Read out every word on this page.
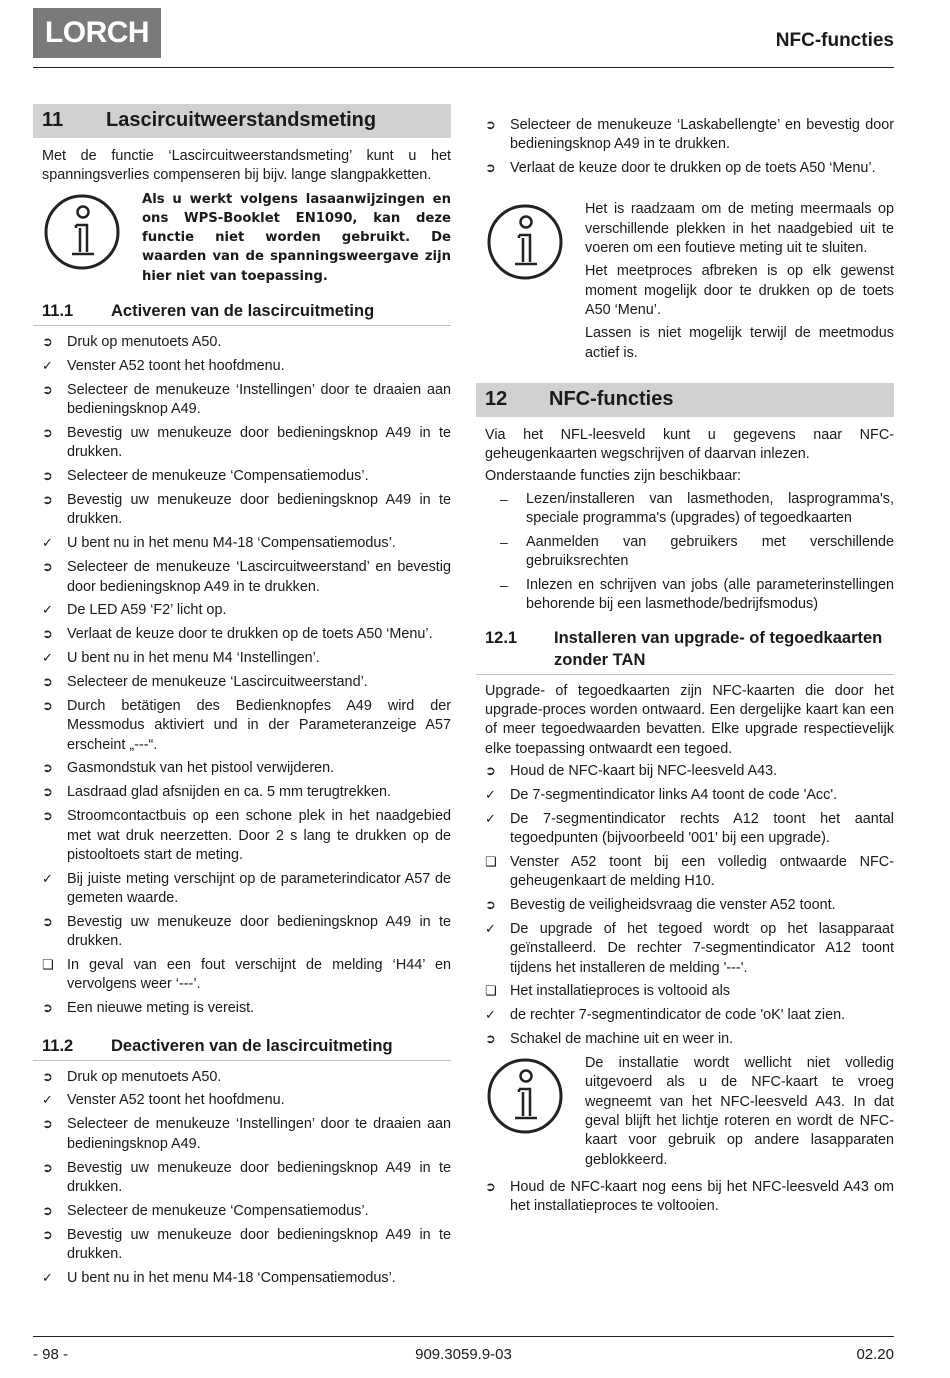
LORCH	NFC-functies
11	Lascircuitweerstandsmeting

Met de functie ‘Lascircuitweerstandsmeting’ kunt u het spanningsverlies compenseren bij bijv. lange slangpakketten.

Als u werkt volgens lasaanwijzingen en ons WPS-Booklet EN1090, kan deze functie niet worden gebruikt. De waarden van de spanningsweergave zijn hier niet van toepassing.
11.1	Activeren van de lascircuitmeting
➲ Druk op menutoets A50.
✓ Venster A52 toont het hoofdmenu.
➲ Selecteer de menukeuze ‘Instellingen’ door te draaien aan bedieningsknop A49.
➲ Bevestig uw menukeuze door bedieningsknop A49 in te drukken.
➲ Selecteer de menukeuze ‘Compensatiemodus’.
➲ Bevestig uw menukeuze door bedieningsknop A49 in te drukken.
✓ U bent nu in het menu M4-18 ‘Compensatiemodus’.
➲ Selecteer de menukeuze ‘Lascircuitweerstand’ en bevestig door bedieningsknop A49 in te drukken.
✓ De LED A59 ‘F2’ licht op.
➲ Verlaat de keuze door te drukken op de toets A50 ‘Menu’.
✓ U bent nu in het menu M4 ‘Instellingen’.
➲ Selecteer de menukeuze ‘Lascircuitweerstand’.
➲ Durch betätigen des Bedienknopfes A49 wird der Messmodus aktiviert und in der Parameteranzeige A57 erscheint „---“.
➲ Gasmondstuk van het pistool verwijderen.
➲ Lasdraad glad afsnijden en ca. 5 mm terugtrekken.
➲ Stroomcontactbuis op een schone plek in het naadgebied met wat druk neerzetten. Door 2 s lang te drukken op de pistooltoets start de meting.
✓ Bij juiste meting verschijnt op de parameterindicator A57 de gemeten waarde.
➲ Bevestig uw menukeuze door bedieningsknop A49 in te drukken.
❑ In geval van een fout verschijnt de melding ‘H44’ en vervolgens weer ‘---’.
➲ Een nieuwe meting is vereist.
11.2	Deactiveren van de lascircuitmeting
➲ Druk op menutoets A50.
✓ Venster A52 toont het hoofdmenu.
➲ Selecteer de menukeuze ‘Instellingen’ door te draaien aan bedieningsknop A49.
➲ Bevestig uw menukeuze door bedieningsknop A49 in te drukken.
➲ Selecteer de menukeuze ‘Compensatiemodus’.
➲ Bevestig uw menukeuze door bedieningsknop A49 in te drukken.
✓ U bent nu in het menu M4-18 ‘Compensatiemodus’.
➲ Selecteer de menukeuze ‘Laskabellengte’ en bevestig door bedieningsknop A49 in te drukken.
➲ Verlaat de keuze door te drukken op de toets A50 ‘Menu’.

Het is raadzaam om de meting meermaals op verschillende plekken in het naadgebied uit te voeren om een foutieve meting uit te sluiten.

Het meetproces afbreken is op elk gewenst moment mogelijk door te drukken op de toets A50 ‘Menu’.

Lassen is niet mogelijk terwijl de meetmodus actief is.

12	NFC-functies

Via het NFL-leesveld kunt u gegevens naar NFC-geheugenkaarten wegschrijven of daarvan inlezen.

Onderstaande functies zijn beschikbaar:

–	Lezen/installeren van lasmethoden, lasprogramma's, speciale programma's (upgrades) of tegoedkaarten
–	Aanmelden van gebruikers met verschillende gebruiksrechten
–	Inlezen en schrijven van jobs (alle parameterinstellingen behorende bij een lasmethode/bedrijfsmodus)
12.1	Installeren van upgrade- of tegoedkaarten zonder TAN

Upgrade- of tegoedkaarten zijn NFC-kaarten die door het upgrade-proces worden ontwaard. Een dergelijke kaart kan een of meer tegoedwaarden bevatten. Elke upgrade respectievelijk elke toepassing ontwaardt een tegoed.

➲ Houd de NFC-kaart bij NFC-leesveld A43.
✓ De 7-segmentindicator links A4 toont de code 'Acc'.
✓ De 7-segmentindicator rechts A12 toont het aantal tegoedpunten (bijvoorbeeld '001' bij een upgrade).
❑ Venster A52 toont bij een volledig ontwaarde NFC-geheugenkaart de melding H10.
➲ Bevestig de veiligheidsvraag die venster A52 toont.
✓ De upgrade of het tegoed wordt op het lasapparaat geïnstalleerd. De rechter 7-segmentindicator A12 toont tijdens het installeren de melding '---'.
❑ Het installatieproces is voltooid als
✓ de rechter 7-segmentindicator de code 'oK' laat zien.
➲ Schakel de machine uit en weer in.
De installatie wordt wellicht niet volledig uitgevoerd als u de NFC-kaart te vroeg wegneemt van het NFC-leesveld A43. In dat geval blijft het lichtje roteren en wordt de NFC-kaart voor gebruik op andere lasapparaten geblokkeerd.
➲ Houd de NFC-kaart nog eens bij het NFC-leesveld A43 om het installatieproces te voltooien.
- 98 -	909.3059.9-03	02.20
